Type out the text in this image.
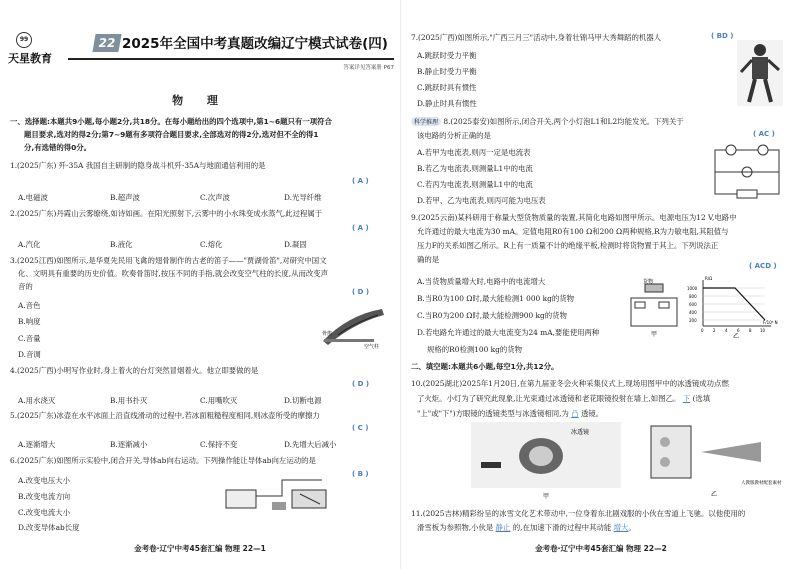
99
天星教育
22 2025年全国中考真题改编辽宁模式试卷(四)
答案详见答案册 P67
物 理
一、选择题:本题共9小题,每小题2分,共18分。在每小题给出的四个选项中,第1~6题只有一项符合
题目要求,选对的得2分;第7~9题有多项符合题目要求,全部选对的得2分,选对但不全的得1
分,有选错的得0分。
1.(2025广东) 歼-35A 我国自主研制的隐身战斗机歼-35A与地面通信利用的是
( A )
A.电磁波	B.超声波	C.次声波	D.光导纤维
2.(2025广东)丹霞山云雾缭绕,如诗如画。在阳光照射下,云雾中的小水珠变成水蒸气,此过程属于
( A )
A.汽化	B.液化	C.熔化	D.凝固
3.(2025江西)如图所示,是华夏先民用飞禽的翅骨制作的古老的笛子——"贾湖骨笛",对研究中国文
化、文明具有重要的历史价值。吹奏骨笛时,按压不同的手指,就会改变空气柱的长度,从而改变声
音的
( D )
A.音色
B.响度
C.音量
D.音调
骨笛
空气柱
4.(2025广西)小明写作业时,身上着火的台灯突然冒烟着火。他立即要做的是
( D )
A.用水浇灭	B.用书扑灭	C.用嘴吹灭	D.切断电源
5.(2025广东)冰壶在水平冰面上沿直线滑动的过程中,若冰面粗糙程度相同,则冰壶所受的摩擦力
( C )
A.逐渐增大	B.逐渐减小	C.保持不变	D.先增大后减小
6.(2025广东)如图所示实验中,闭合开关,导体ab向右运动。下列操作能让导体ab向左运动的是
( B )
A.改变电压大小
B.改变电流方向
C.改变电流大小
D.改变导体ab长度
金考卷·辽宁中考45套汇编 物理 22—1
7.(2025广西)如图所示,"广西三月三"活动中,身着壮锦马甲大秀舞蹈的机器人	( BD )
A.跳跃时受力平衡
B.静止时受力平衡
C.跳跃时具有惯性
D.静止时具有惯性
科学推理 8.(2025泰安)如图所示,闭合开关,两个小灯泡L1和L2均能发光。下列关于
该电路的分析正确的是	( AC )
A.若甲为电流表,则丙一定是电流表
B.若乙为电流表,则测量L1中的电流
C.若丙为电流表,则测量L1中的电流
D.若甲、乙为电流表,则丙可能为电压表
9.(2025云南)某科研用于称量大型货物质量的装置,其简化电路如图甲所示。电源电压为12 V,电路中
允许通过的最大电流为30 mA。定值电阻R0有100 Ω和200 Ω两种规格,R为力敏电阻,其阻值与
压力F的关系如图乙所示。R上有一质量不计的绝缘平板,检测时将货物置于其上。下列说法正
确的是
( ACD )
A.当货物质量增大时,电路中的电流增大
B.当R0为100 Ω时,最大能检测1 000 kg的货物
C.当R0为200 Ω时,最大能检测900 kg的货物
D.若电路允许通过的最大电流变为24 mA,要能使用两种
规格的R0检测100 kg的货物
货物
甲
1000
800
600
400
200
0 2 4 6 8 10
R/Ω
F/10³ N
乙
二、填空题:本题共6小题,每空1分,共12分。
10.(2025湖北)2025年1月20日,在第九届亚冬会火种采集仪式上,现场用图甲中的冰透镜成功点燃
了火炬。小灯为了研究此现象,让光束通过冰透镜和老花眼镜投射在墙上,如图乙。 下 (选填
"上"或"下")方眼镜的透镜类型与冰透镜相同,为 凸 透镜。
冰透镜
甲	乙
人教版教材配套素材
11.(2025吉林)精彩纷呈的冰雪文化艺术带动中,一位身着东北剧戏服的小伙在雪道上飞驰。以他使用的
滑雪板为参照物,小伙是 静止 的,在加速下滑的过程中其动能 增大。
金考卷·辽宁中考45套汇编 物理 22—2
